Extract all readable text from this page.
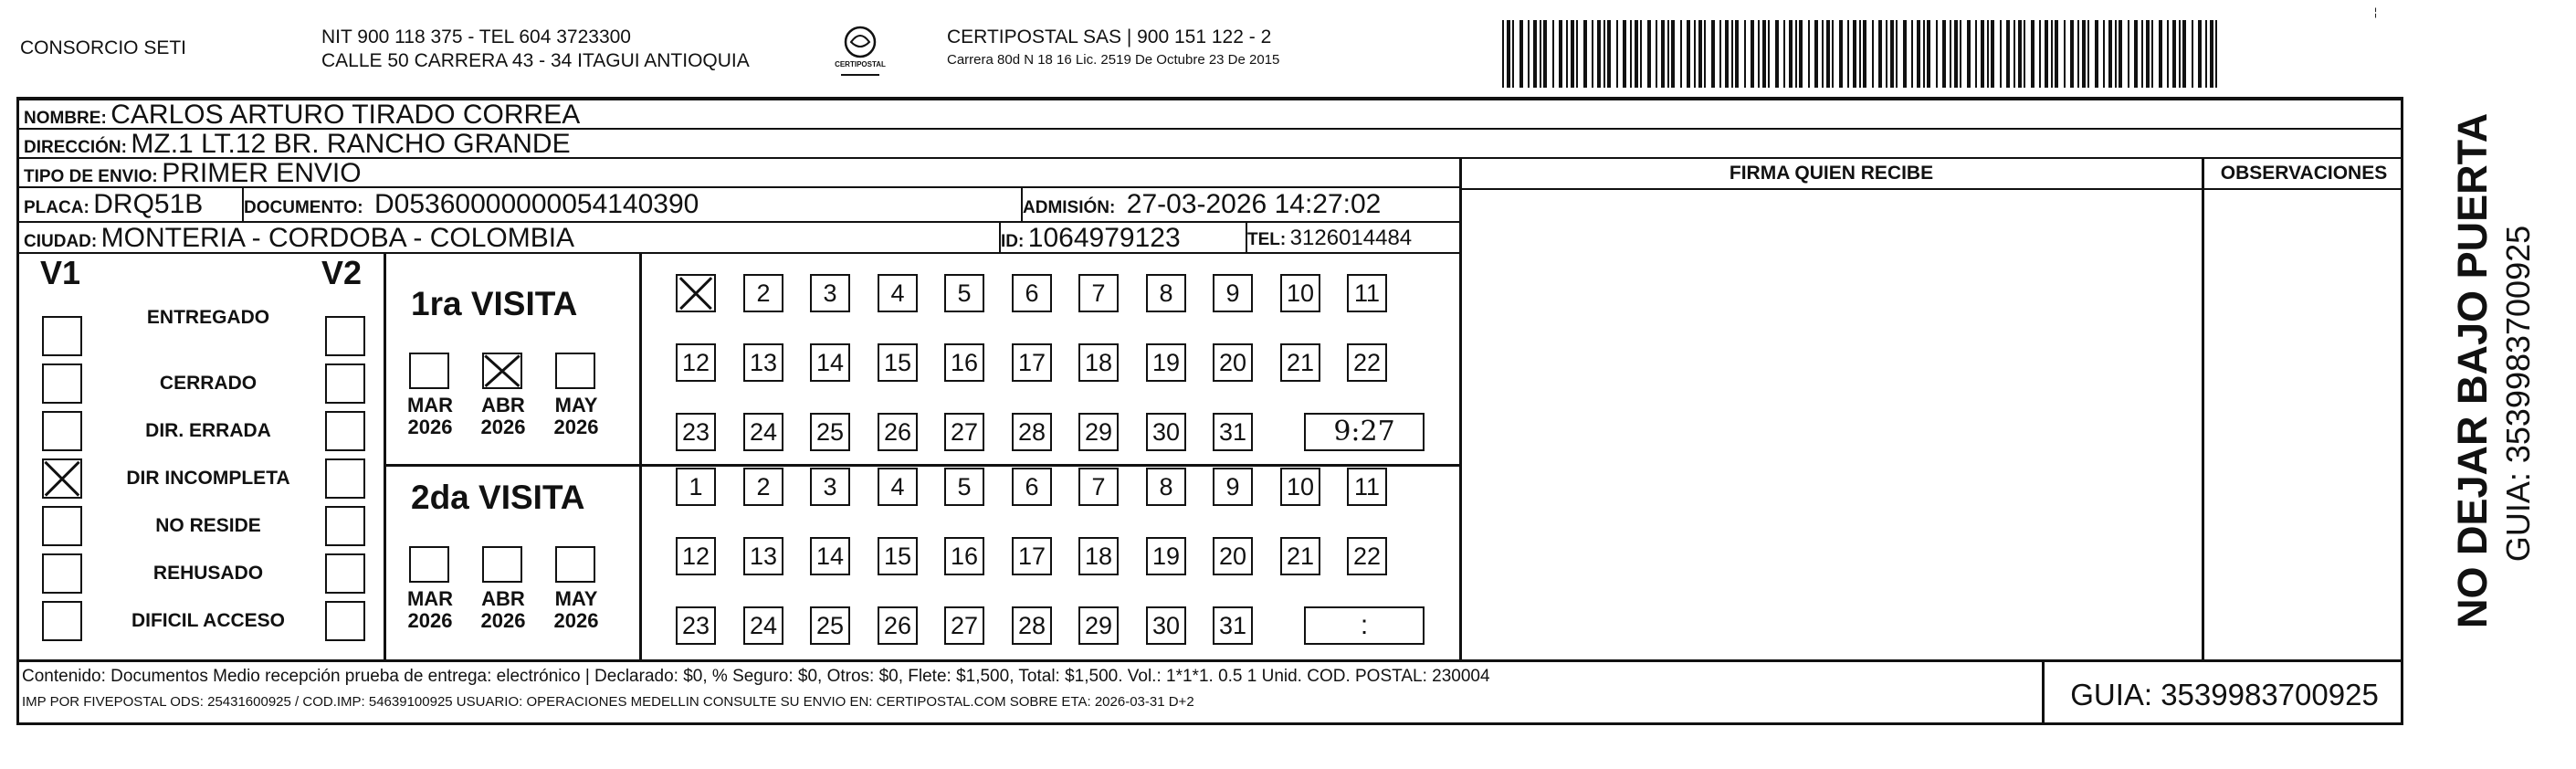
CONSORCIO SETI
NIT 900 118 375 - TEL 604 3723300
CALLE 50 CARRERA 43 - 34 ITAGUI ANTIOQUIA	CERTIPOSTAL
CERTIPOSTAL SAS | 900 151 122 - 2
Carrera 80d N 18 16 Lic. 2519 De Octubre 23 De 2015
¦
NOMBRE: CARLOS ARTURO TIRADO CORREA
DIRECCIÓN: MZ.1 LT.12 BR. RANCHO GRANDE
TIPO DE ENVIO: PRIMER ENVIO
PLACA: DRQ51B DOCUMENTO: D05360000000054140390	ADMISIÓN: 27-03-2026 14:27:02
CIUDAD: MONTERIA - CORDOBA - COLOMBIA	ID: 1064979123	TEL: 3126014484
FIRMA QUIEN RECIBE	OBSERVACIONES
V1	V2
ENTREGADO
CERRADO
DIR. ERRADA
DIR INCOMPLETA
NO RESIDE
REHUSADO
DIFICIL ACCESO
1ra VISITA
MAR
2026
ABR
2026
MAY
2026
2	3	4	5	6	7	8	9	10 11
12 13 14 15 16 17 18 19 20 21 22
23 24 25 26 27 28 29 30 31	9:27
2da VISITA
MAR
2026
ABR
2026
MAY
2026
1	2	3	4	5	6	7	8	9	10 11
12 13 14 15 16 17 18 19 20 21 22
23 24 25 26 27 28 29 30 31	:
Contenido: Documentos Medio recepción prueba de entrega: electrónico | Declarado: $0, % Seguro: $0, Otros: $0, Flete: $1,500, Total: $1,500. Vol.: 1*1*1. 0.5 1 Unid. COD. POSTAL: 230004
IMP POR FIVEPOSTAL ODS: 25431600925 / COD.IMP: 54639100925 USUARIO: OPERACIONES MEDELLIN CONSULTE SU ENVIO EN: CERTIPOSTAL.COM SOBRE ETA: 2026-03-31 D+2	GUIA: 3539983700925
NO DEJAR BAJO PUERTA GUIA: 3539983700925
